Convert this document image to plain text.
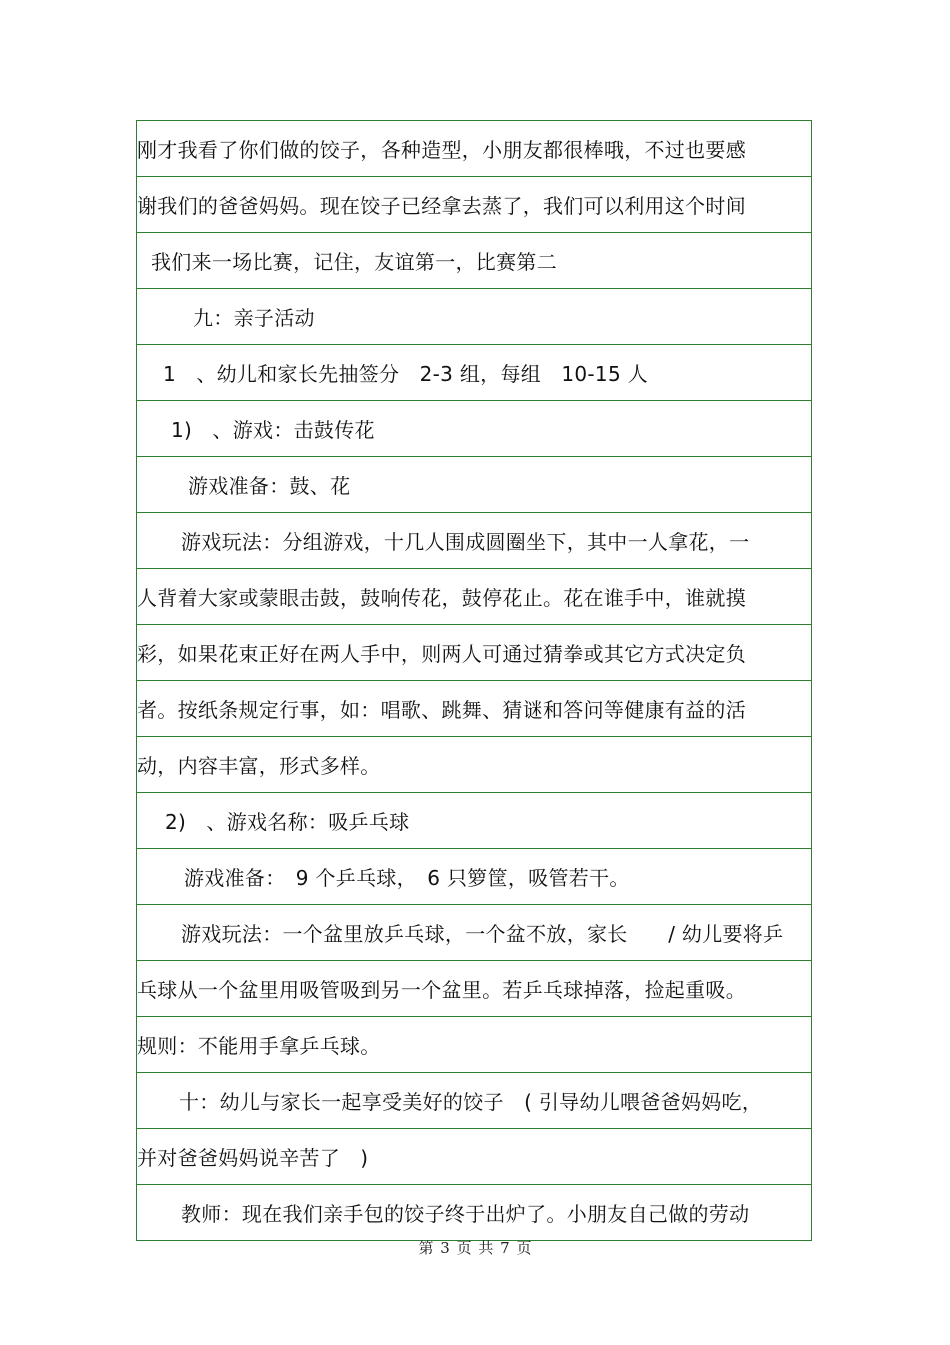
刚才我看了你们做的饺子，各种造型，小朋友都很棒哦，不过也要感
谢我们的爸爸妈妈。现在饺子已经拿去蒸了，我们可以利用这个时间
我们来一场比赛，记住，友谊第一，比赛第二
九：亲子活动
1　、幼儿和家长先抽签分　2-3 组，每组　10-15 人
1)　、游戏：击鼓传花
游戏准备：鼓、花
游戏玩法：分组游戏，十几人围成圆圈坐下，其中一人拿花，一
人背着大家或蒙眼击鼓，鼓响传花，鼓停花止。花在谁手中，谁就摸
彩，如果花束正好在两人手中，则两人可通过猜拳或其它方式决定负
者。按纸条规定行事，如：唱歌、跳舞、猜谜和答问等健康有益的活
动，内容丰富，形式多样。
2)　、游戏名称：吸乒乓球
游戏准备：　9 个乒乓球，　6 只箩筐，吸管若干。
游戏玩法：一个盆里放乒乓球，一个盆不放，家长　　/ 幼儿要将乒
乓球从一个盆里用吸管吸到另一个盆里。若乒乓球掉落，捡起重吸。
规则：不能用手拿乒乓球。
十：幼儿与家长一起享受美好的饺子　( 引导幼儿喂爸爸妈妈吃，
并对爸爸妈妈说辛苦了　)
教师：现在我们亲手包的饺子终于出炉了。小朋友自己做的劳动
第 3 页 共 7 页
